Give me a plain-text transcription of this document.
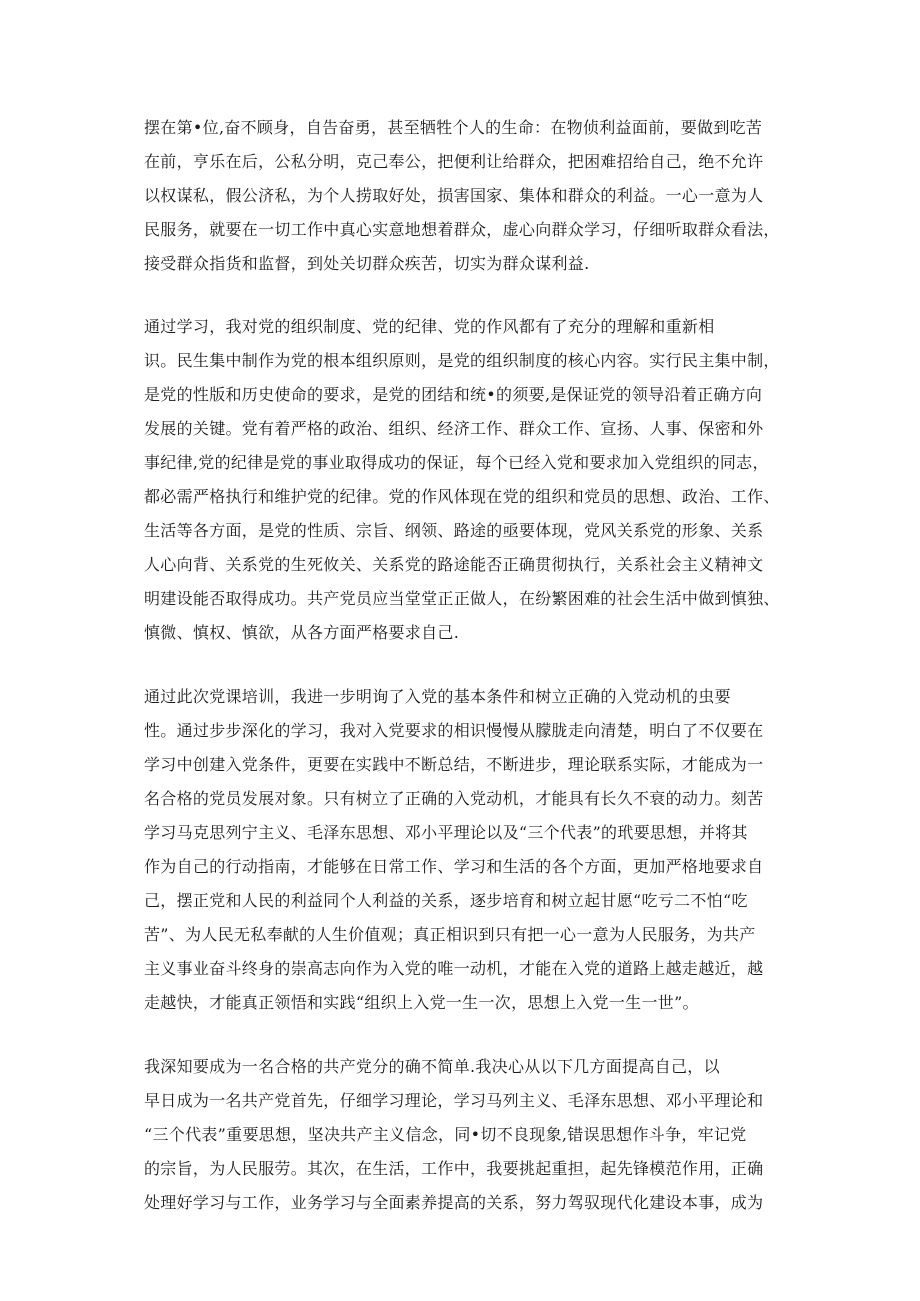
摆在第•位,奋不顾身，自告奋勇，甚至牺牲个人的生命：在物侦利益面前，要做到吃苦
在前，亨乐在后，公私分明，克己奉公，把便利让给群众，把困难招给自己，绝不允许
以权谋私，假公济私，为个人捞取好处，损害国家、集体和群众的利益。一心一意为人
民服务，就要在一切工作中真心实意地想着群众，虚心向群众学习，仔细听取群众看法，
接受群众指货和监督，到处关切群众疾苦，切实为群众谋利益.

通过学习，我对党的组织制度、党的纪律、党的作风都有了充分的理解和重新相
识。民生集中制作为党的根本组织原则，是党的组织制度的核心内容。实行民主集中制，
是党的性版和历史使命的要求，是党的团结和统•的须要,是保证党的领导沿着正确方向
发展的关键。党有着严格的政治、组织、经济工作、群众工作、宣扬、人事、保密和外
事纪律,党的纪律是党的事业取得成功的保证，每个已经入党和要求加入党组织的同志，
都必需严格执行和维护党的纪律。党的作风体现在党的组织和党员的思想、政治、工作、
生活等各方面，是党的性质、宗旨、纲领、路途的亟要体现，党风关系党的形象、关系
人心向背、关系党的生死攸关、关系党的路途能否正确贯彻执行，关系社会主义精神文
明建设能否取得成功。共产党员应当堂堂正正做人，在纷繁困难的社会生活中做到慎独、
慎微、慎权、慎欲，从各方面严格要求自己.

通过此次党课培训，我进一步明询了入党的基本条件和树立正确的入党动机的虫要
性。通过步步深化的学习，我对入党要求的相识慢慢从朦胧走向清楚，明白了不仅要在
学习中创建入党条件，更要在实践中不断总结，不断进步，理论联系实际，才能成为一
名合格的党员发展对象。只有树立了正确的入党动机，才能具有长久不衰的动力。刻苦
学习马克思列宁主义、毛泽东思想、邓小平理论以及“三个代表”的玳要思想，并将其
作为自己的行动指南，才能够在日常工作、学习和生活的各个方面，更加严格地要求自
己，摆正党和人民的利益同个人利益的关系，逐步培育和树立起甘愿“吃亏二不怕“吃
苦”、为人民无私奉献的人生价值观；真正相识到只有把一心一意为人民服务，为共产
主义事业奋斗终身的崇高志向作为入党的唯一动机，才能在入党的道路上越走越近，越
走越快，才能真正领悟和实践“组织上入党一生一次，思想上入党一生一世”。

我深知要成为一名合格的共产党分的确不简单.我决心从以下几方面提高自己，以
早日成为一名共产党首先，仔细学习理论，学习马列主义、毛泽东思想、邓小平理论和
“三个代表”重要思想，坚决共产主义信念，同•切不良现象,错误思想作斗争，牢记党
的宗旨，为人民服劳。其次，在生活，工作中，我要挑起重担，起先锋模范作用，正确
处理好学习与工作，业务学习与全面素养提高的关系，努力驾驭现代化建设本事，成为
